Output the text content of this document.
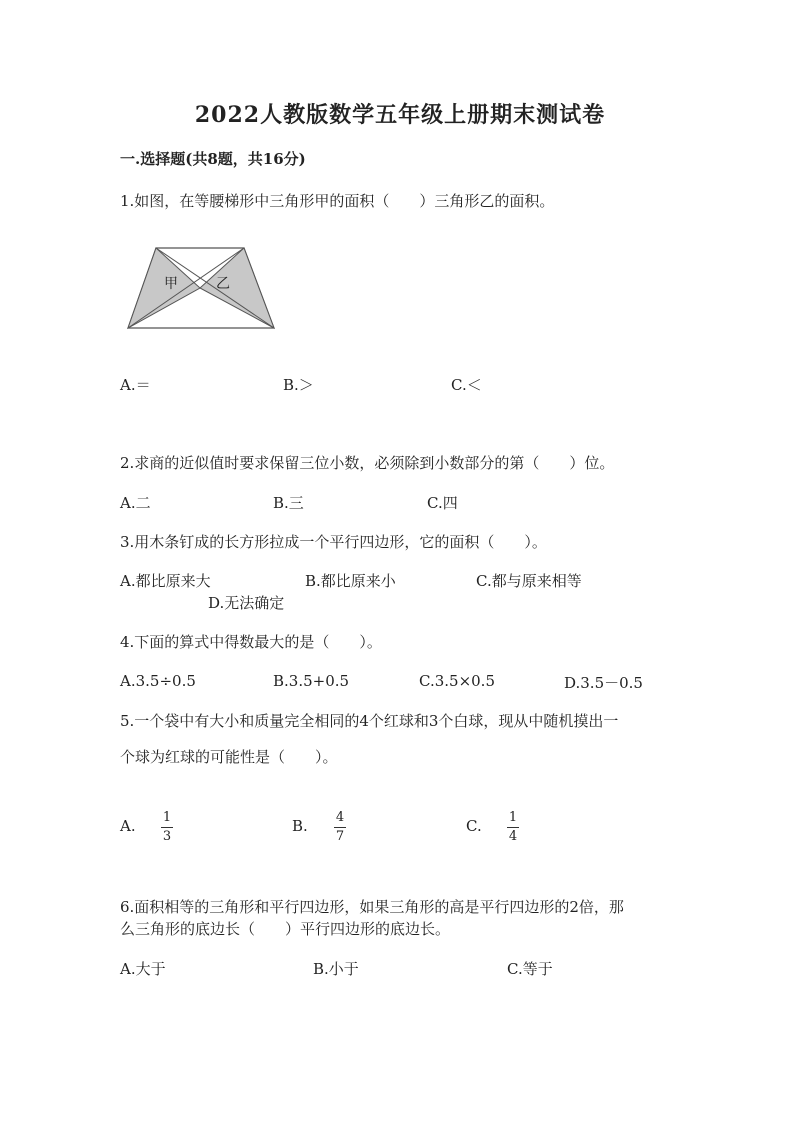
2022人教版数学五年级上册期末测试卷
一.选择题(共8题，共16分)
1.如图，在等腰梯形中三角形甲的面积（　　）三角形乙的面积。
甲	乙
A.＝	B.＞	C.＜
2.求商的近似值时要求保留三位小数，必须除到小数部分的第（　　）位。
A.二	B.三	C.四
3.用木条钉成的长方形拉成一个平行四边形，它的面积（　　）。
A.都比原来大	B.都比原来小	C.都与原来相等
D.无法确定
4.下面的算式中得数最大的是（　　）。
A.3.5÷0.5	B.3.5+0.5	C.3.5×0.5	D.3.5－0.5
5.一个袋中有大小和质量完全相同的4个红球和3个白球，现从中随机摸出一
个球为红球的可能性是（　　）。
A. 1
3
B. 4
7
C. 1
4
6.面积相等的三角形和平行四边形，如果三角形的高是平行四边形的2倍，那
么三角形的底边长（　　）平行四边形的底边长。
A.大于	B.小于	C.等于
